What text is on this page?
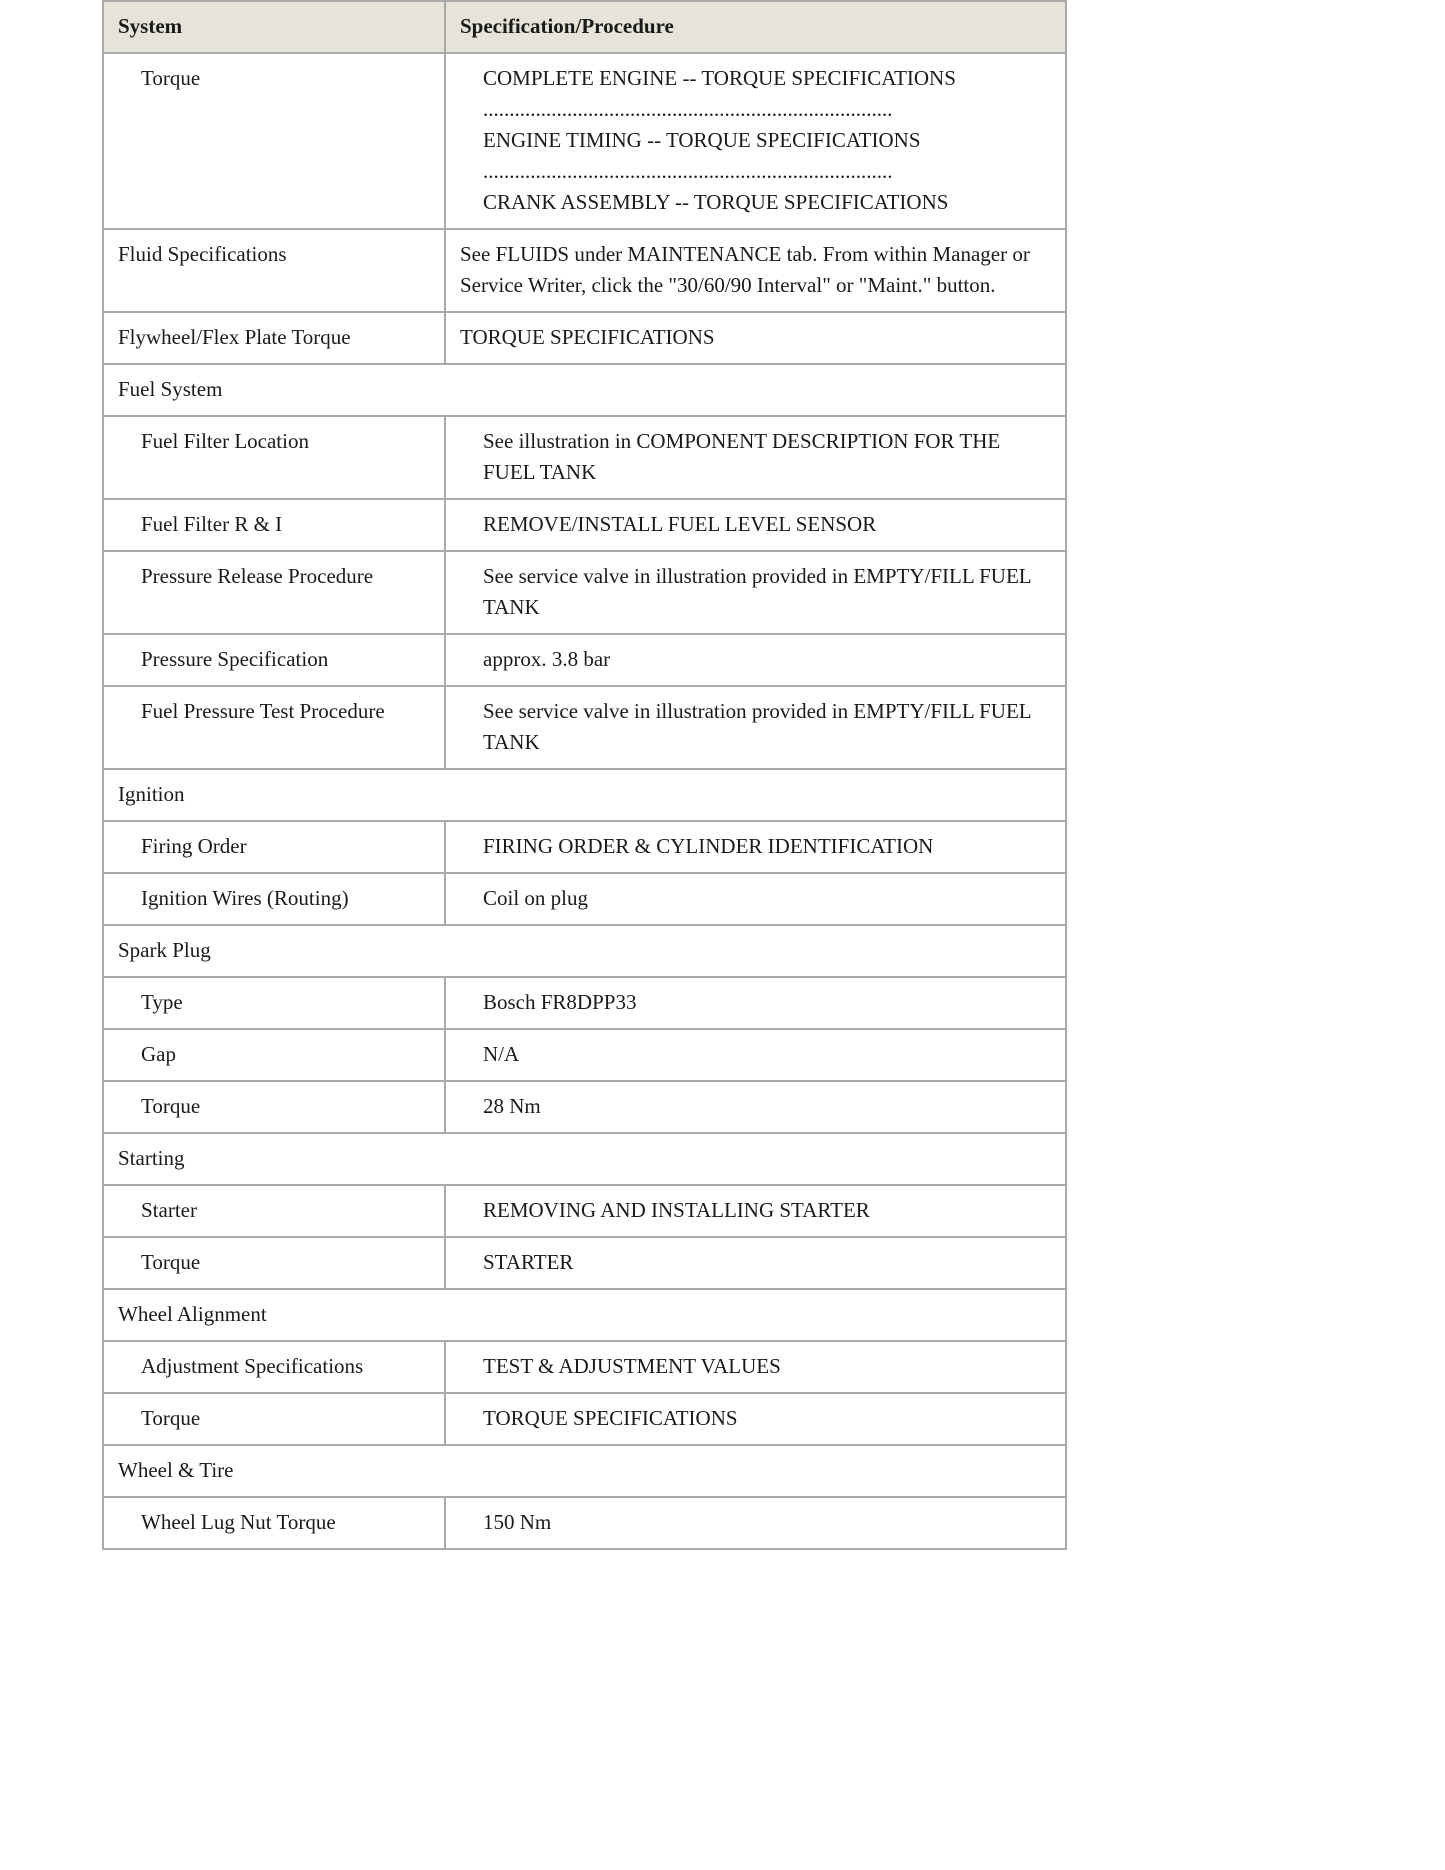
System	Specification/Procedure
Torque	COMPLETE ENGINE -- TORQUE SPECIFICATIONS
..............................................................................
ENGINE TIMING -- TORQUE SPECIFICATIONS
..............................................................................
CRANK ASSEMBLY -- TORQUE SPECIFICATIONS

Fluid Specifications	See FLUIDS under MAINTENANCE tab. From within Manager or Service Writer, click the "30/60/90 Interval" or "Maint." button.

Flywheel/Flex Plate Torque	TORQUE SPECIFICATIONS

Fuel System	
Fuel Filter Location	See illustration in COMPONENT DESCRIPTION FOR THE FUEL TANK

Fuel Filter R & I	REMOVE/INSTALL FUEL LEVEL SENSOR

Pressure Release Procedure	See service valve in illustration provided in EMPTY/FILL FUEL TANK

Pressure Specification	approx. 3.8 bar

Fuel Pressure Test Procedure	See service valve in illustration provided in EMPTY/FILL FUEL TANK

Ignition	
Firing Order	FIRING ORDER & CYLINDER IDENTIFICATION

Ignition Wires (Routing)	Coil on plug

Spark Plug	
Type	Bosch FR8DPP33

Gap	N/A

Torque	28 Nm

Starting	
Starter	REMOVING AND INSTALLING STARTER

Torque	STARTER

Wheel Alignment	
Adjustment Specifications	TEST & ADJUSTMENT VALUES

Torque	TORQUE SPECIFICATIONS

Wheel & Tire	
Wheel Lug Nut Torque	150 Nm
